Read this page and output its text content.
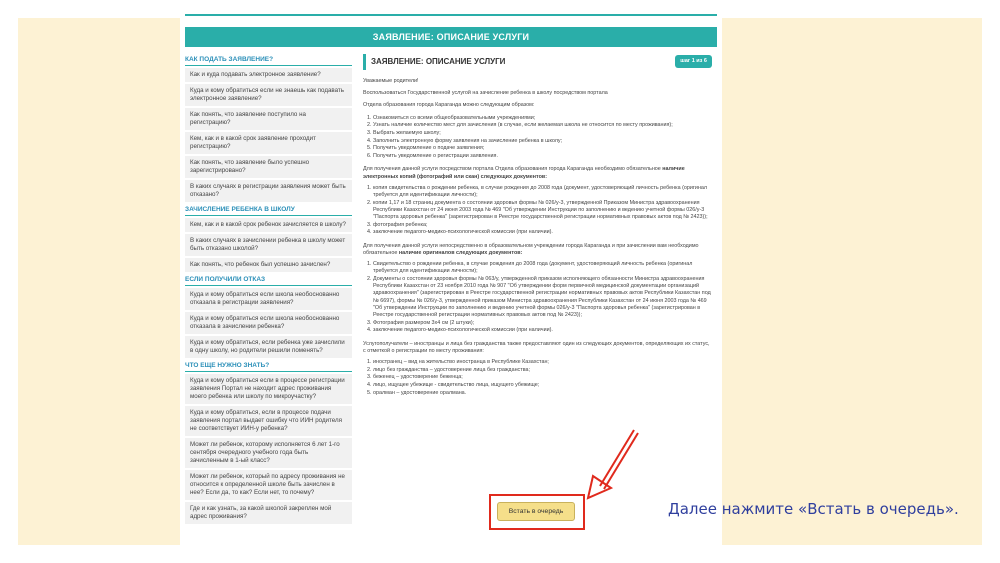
ЗАЯВЛЕНИЕ: ОПИСАНИЕ УСЛУГИ
КАК ПОДАТЬ ЗАЯВЛЕНИЕ?
Как и куда подавать электронное заявление?
Куда и кому обратиться если не знаешь как подавать электронное заявление?
Как понять, что заявление поступило на регистрацию?
Кем, как и в какой срок заявление проходит регистрацию?
Как понять, что заявление было успешно зарегистрировано?
В каких случаях в регистрации заявления может быть отказано?
ЗАЧИСЛЕНИЕ РЕБЕНКА В ШКОЛУ
Кем, как и в какой срок ребенок зачисляется в школу?
В каких случаях в зачислении ребенка в школу может быть отказано школой?
Как понять, что ребенок был успешно зачислен?
ЕСЛИ ПОЛУЧИЛИ ОТКАЗ
Куда и кому обратиться если школа необоснованно отказала в регистрации заявления?
Куда и кому обратиться если школа необоснованно отказала в зачислении ребенка?
Куда и кому обратиться, если ребенка уже зачислили в одну школу, но родители решили поменять?
ЧТО ЕЩЕ НУЖНО ЗНАТЬ?
Куда и кому обратиться если в процессе регистрации заявления Портал не находит адрес проживания моего ребенка или школу по микроучастку?
Куда и кому обратиться, если в процессе подачи заявления портал выдает ошибку что ИИН родителя не соответствует ИИН-у ребенка?
Может ли ребенок, которому исполняется 6 лет 1-го сентября очередного учебного года быть зачисленным в 1-ый класс?
Может ли ребенок, который по адресу проживания не относится к определенной школе быть зачислен в нее? Если да, то как? Если нет, то почему?
Где и как узнать, за какой школой закреплен мой адрес проживания?
ЗАЯВЛЕНИЕ: ОПИСАНИЕ УСЛУГИ	шаг 1 из 6
Уважаемые родители!
Воспользоваться Государственной услугой на зачисление ребенка в школу посредством портала
Отдела образования города Караганда можно следующим образом:
1. Ознакомиться со всеми общеобразовательными учреждениями;
2. Узнать наличие количество мест для зачисления (в случае, если желаемая школа не относится по месту проживания);
3. Выбрать желаемую школу;
4. Заполнить электронную форму заявления на зачисление ребенка в школу;
5. Получить уведомление о подаче заявления;
6. Получить уведомление о регистрации заявления.
Для получения данной услуги посредством портала Отдела образования города Караганда необходимо обязательное наличие электронных копий (фотографий или скан) следующих документов:
1. копия свидетельства о рождении ребенка, в случае рождения до 2008 года (документ, удостоверяющий личность ребенка (оригинал требуется для идентификации личности);
2. копии 1,17 и 18 страниц документа о состоянии здоровья формы № 026/у-3, утвержденной Приказом Министра здравоохранения Республики Казахстан от 24 июня 2003 года № 469 "Об утверждении Инструкции по заполнению и ведению учетной формы 026/у-3 "Паспорта здоровья ребенка" (зарегистрирован в Реестре государственной регистрации нормативных правовых актов под № 2423));
3. фотография ребенка;
4. заключение педагого-медико-психологической комиссии (при наличии).
Для получения данной услуги непосредственно в образовательном учреждении города Караганда и при зачислении вам необходимо обязательное наличие оригиналов следующих документов:
1. Свидетельство о рождении ребенка, в случае рождения до 2008 года (документ, удостоверяющий личность ребенка (оригинал требуется для идентификации личности);
2. Документы о состоянии здоровья формы № 063/у, утвержденной приказом исполняющего обязанности Министра здравоохранения Республики Казахстан от 23 ноября 2010 года № 907 "Об утверждении форм первичной медицинской документации организаций здравоохранения" (зарегистрирован в Реестре государственной регистрации нормативных правовых актов Республики Казахстан под № 6697), формы № 026/у-3, утвержденной приказом Министра здравоохранения Республики Казахстан от 24 июня 2003 года № 469 "Об утверждении Инструкции по заполнению и ведению учетной формы 026/у-3 "Паспорта здоровья ребенка" (зарегистрирован в Реестре государственной регистрации нормативных правовых актов под № 2423));
3. Фотография размером 3х4 см (2 штуки);
4. заключение педагого-медико-психологической комиссии (при наличии).
Услугополучатели – иностранцы и лица без гражданства также предоставляют один из следующих документов, определяющих их статус, с отметкой о регистрации по месту проживания:
1. иностранец – вид на жительство иностранца в Республике Казахстан;
2. лицо без гражданства – удостоверение лица без гражданства;
3. беженец – удостоверение беженца;
4. лицо, ищущее убежище - свидетельство лица, ищущего убежище;
5. оралман – удостоверение оралмана.
Встать в очередь	Далее нажмите «Встать в очередь».
